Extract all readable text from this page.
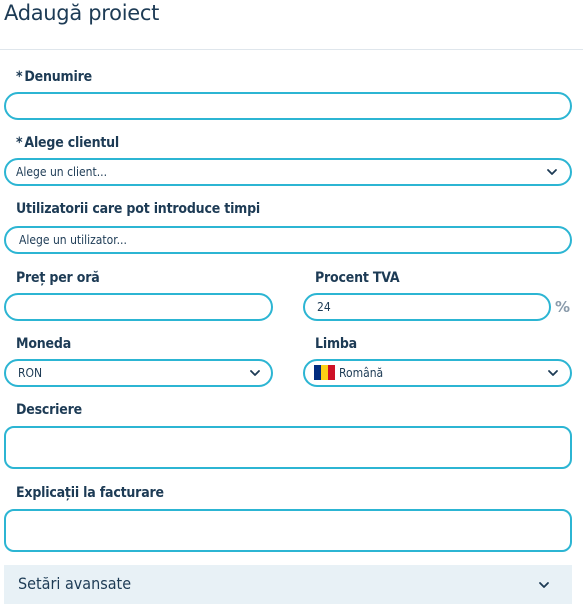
Adaugă proiect
* Denumire
* Alege clientul
Alege un client...
Utilizatorii care pot introduce timpi
Alege un utilizator...
Preț per oră	Procent TVA
24	%
Moneda
RON
Limba
Română
Descriere
Explicații la facturare
Setări avansate
